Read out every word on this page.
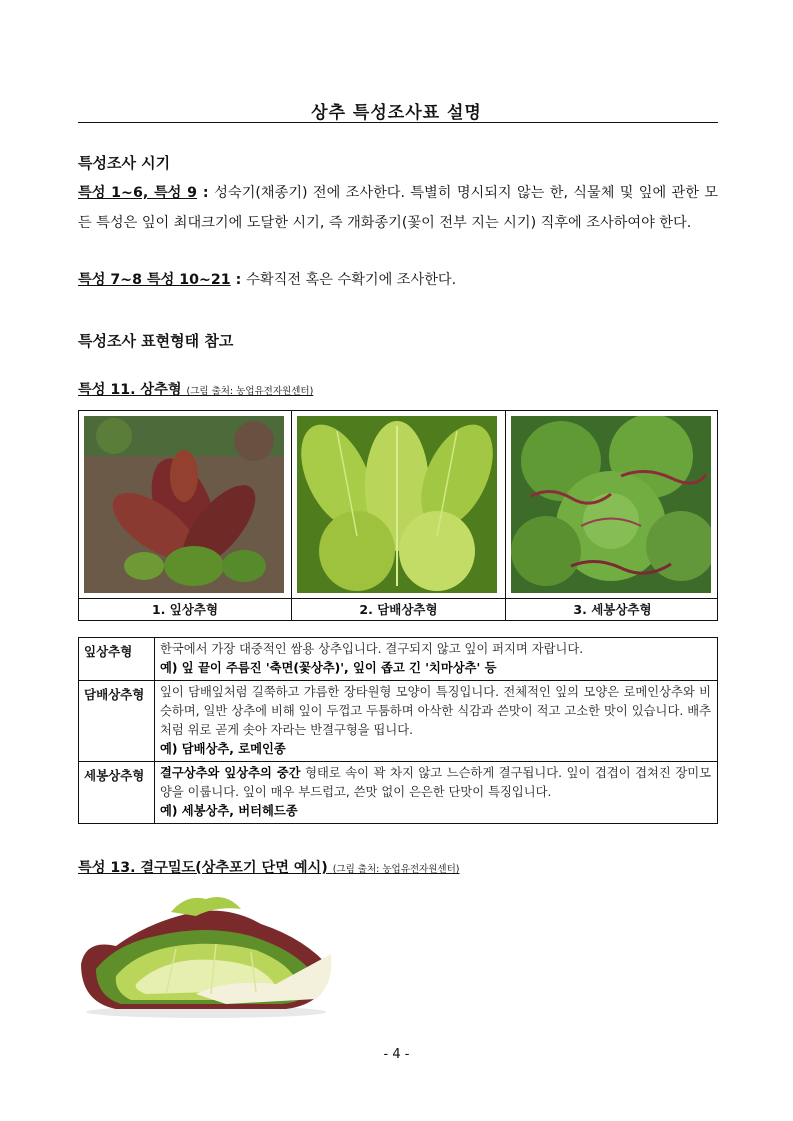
상추 특성조사표 설명
특성조사 시기
특성 1~6, 특성 9 : 성숙기(채종기) 전에 조사한다. 특별히 명시되지 않는 한, 식물체 및 잎에 관한 모든 특성은 잎이 최대크기에 도달한 시기, 즉 개화종기(꽃이 전부 지는 시기) 직후에 조사하여야 한다.
특성 7~8 특성 10~21 : 수확직전 혹은 수확기에 조사한다.
특성조사 표현형태 참고
특성 11. 상추형 (그림 출처: 농업유전자원센터)
1. 잎상추형	2. 담배상추형	3. 세봉상추형
잎상추형	한국에서 가장 대중적인 쌈용 상추입니다. 결구되지 않고 잎이 퍼지며 자랍니다.
예) 잎 끝이 주름진 '축면(꽃상추)', 잎이 좁고 긴 '치마상추' 등
담배상추형	잎이 담배잎처럼 길쭉하고 갸름한 장타원형 모양이 특징입니다. 전체적인 잎의 모양은 로메인상추와 비슷하며, 일반 상추에 비해 잎이 두껍고 두툼하며 아삭한 식감과 쓴맛이 적고 고소한 맛이 있습니다. 배추처럼 위로 곧게 솟아 자라는 반결구형을 띱니다.
예) 담배상추, 로메인종
세봉상추형	결구상추와 잎상추의 중간 형태로 속이 꽉 차지 않고 느슨하게 결구됩니다. 잎이 겹겹이 겹쳐진 장미모양을 이룹니다. 잎이 매우 부드럽고, 쓴맛 없이 은은한 단맛이 특징입니다.
예) 세봉상추, 버터헤드종
특성 13. 결구밀도(상추포기 단면 예시) (그림 출처: 농업유전자원센터)
- 4 -
